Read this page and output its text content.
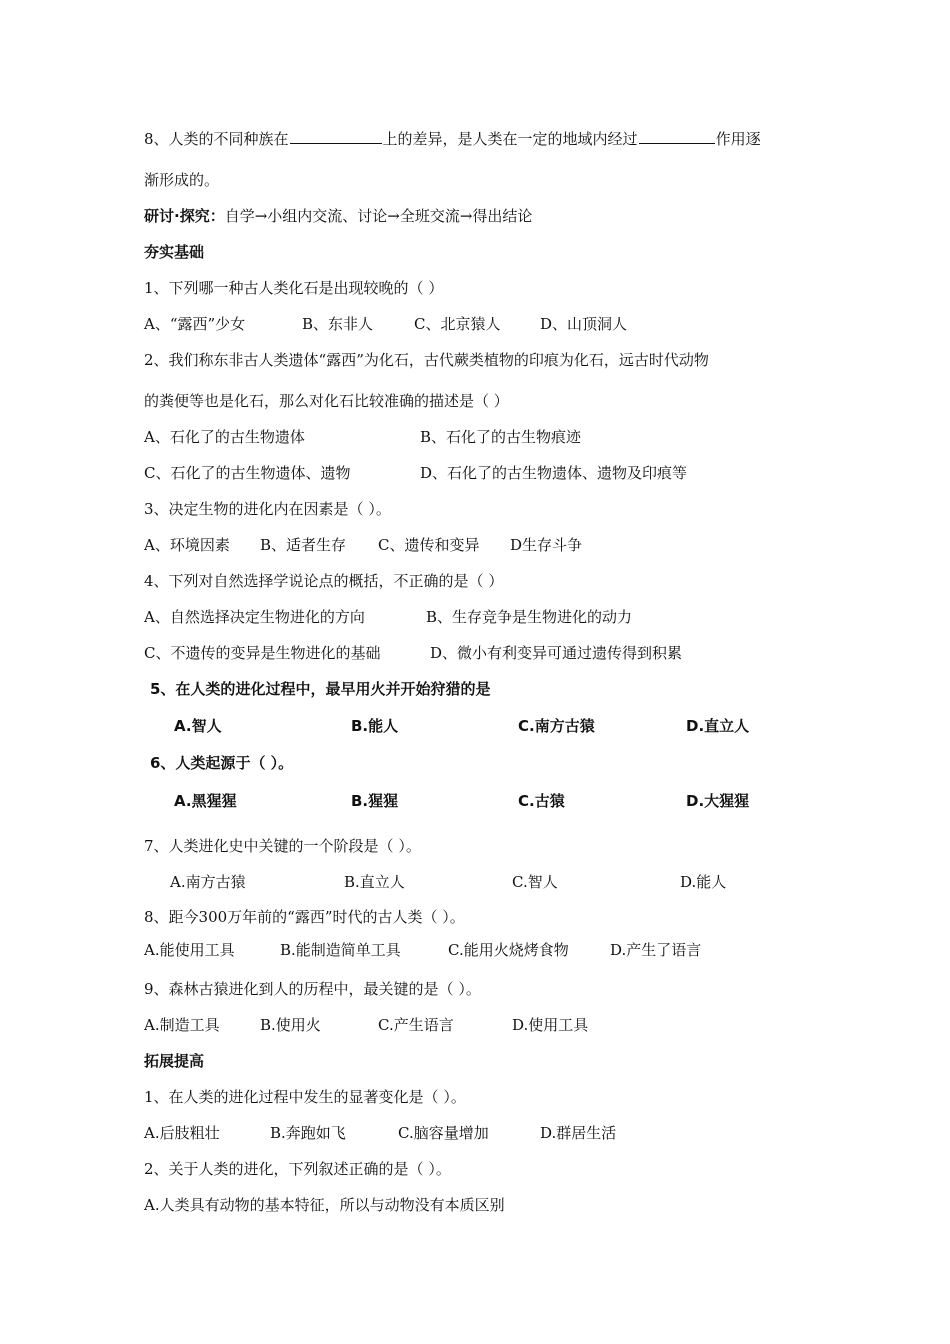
8、人类的不同种族在	上的差异，是人类在一定的地域内经过	作用逐
渐形成的。
研讨·探究：自学→小组内交流、讨论→全班交流→得出结论
夯实基础
1、下列哪一种古人类化石是出现较晚的（ ）
A、“露西”少女	B、东非人	C、北京猿人	D、山顶洞人
2、我们称东非古人类遗体“露西”为化石，古代蕨类植物的印痕为化石，远古时代动物
的粪便等也是化石，那么对化石比较准确的描述是（ ）
A、石化了的古生物遗体	B、石化了的古生物痕迹
C、石化了的古生物遗体、遗物	D、石化了的古生物遗体、遗物及印痕等
3、决定生物的进化内在因素是（ ）。
A、环境因素 B、适者生存 C、遗传和变异 D生存斗争
4、下列对自然选择学说论点的概括，不正确的是（ ）
A、自然选择决定生物进化的方向	B、生存竞争是生物进化的动力
C、不遗传的变异是生物进化的基础	D、微小有利变异可通过遗传得到积累
5、在人类的进化过程中，最早用火并开始狩猎的是
A.智人	B.能人	C.南方古猿	D.直立人
6、人类起源于（ ）。
A.黑猩猩	B.猩猩	C.古猿	D.大猩猩
7、人类进化史中关键的一个阶段是（ ）。
A.南方古猿	B.直立人	C.智人	D.能人
8、距今300万年前的“露西”时代的古人类（ ）。
A.能使用工具	B.能制造简单工具	C.能用火烧烤食物	D.产生了语言
9、森林古猿进化到人的历程中，最关键的是（ ）。
A.制造工具	B.使用火	C.产生语言	D.使用工具
拓展提高
1、在人类的进化过程中发生的显著变化是（ ）。
A.后肢粗壮	B.奔跑如飞	C.脑容量增加	D.群居生活
2、关于人类的进化，下列叙述正确的是（ ）。
A.人类具有动物的基本特征，所以与动物没有本质区别
